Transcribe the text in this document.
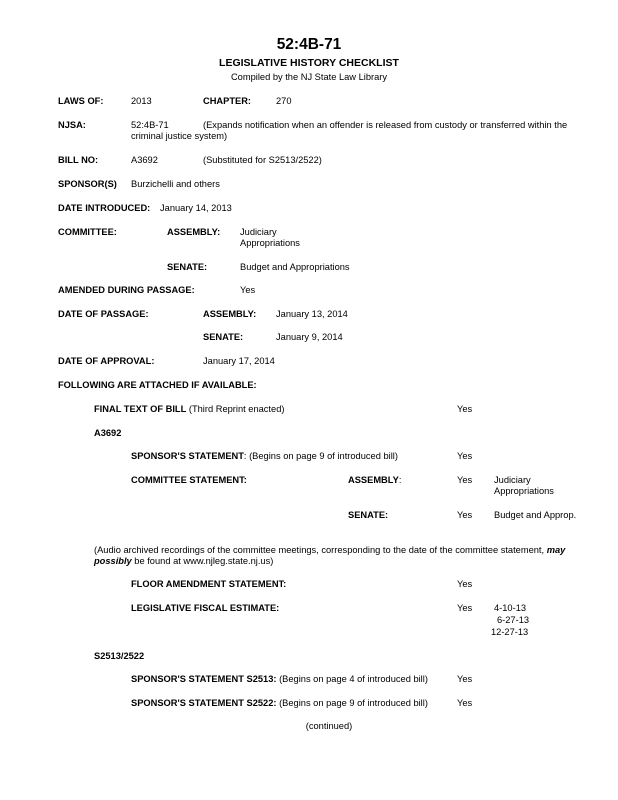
52:4B-71
LEGISLATIVE HISTORY CHECKLIST
Compiled by the NJ State Law Library
LAWS OF:	2013	CHAPTER:	270
NJSA:	52:4B-71	(Expands notification when an offender is released from custody or transferred within the
criminal justice system)
BILL NO:	A3692	(Substituted for S2513/2522)
SPONSOR(S) Burzichelli and others
DATE INTRODUCED: January 14, 2013
COMMITTEE:	ASSEMBLY: Judiciary
Appropriations
SENATE:	Budget and Appropriations
AMENDED DURING PASSAGE:	Yes
DATE OF PASSAGE:	ASSEMBLY: January 13, 2014
SENATE:	January 9, 2014
DATE OF APPROVAL:	January 17, 2014
FOLLOWING ARE ATTACHED IF AVAILABLE:
FINAL TEXT OF BILL (Third Reprint enacted)	Yes
A3692
SPONSOR'S STATEMENT: (Begins on page 9 of introduced bill)	Yes
COMMITTEE STATEMENT:	ASSEMBLY:	Yes Judiciary
Appropriations
SENATE:	Yes Budget and Approp.
(Audio archived recordings of the committee meetings, corresponding to the date of the committee statement, may
possibly be found at www.njleg.state.nj.us)
FLOOR AMENDMENT STATEMENT:	Yes
LEGISLATIVE FISCAL ESTIMATE:	Yes 4-10-13
6-27-13
12-27-13
S2513/2522
SPONSOR'S STATEMENT S2513: (Begins on page 4 of introduced bill)	Yes
SPONSOR'S STATEMENT S2522: (Begins on page 9 of introduced bill)	Yes
(continued)
